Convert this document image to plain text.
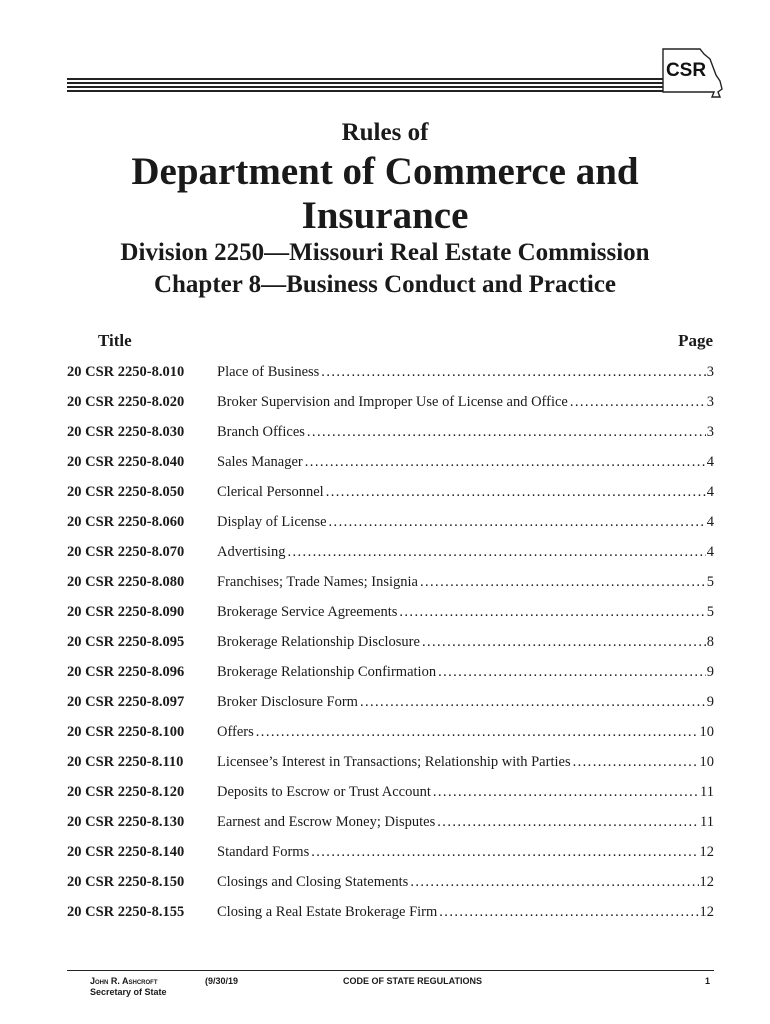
CSR
Rules of
Department of Commerce and
Insurance
Division 2250—Missouri Real Estate Commission
Chapter 8—Business Conduct and Practice
Title	Page
20 CSR 2250-8.010	Place of Business .....	3
20 CSR 2250-8.020	Broker Supervision and Improper Use of License and Office .....	3
20 CSR 2250-8.030	Branch Offices .....	3
20 CSR 2250-8.040	Sales Manager .....	4
20 CSR 2250-8.050	Clerical Personnel .....	4
20 CSR 2250-8.060	Display of License .....	4
20 CSR 2250-8.070	Advertising .....	4
20 CSR 2250-8.080	Franchises; Trade Names; Insignia .....	5
20 CSR 2250-8.090	Brokerage Service Agreements .....	5
20 CSR 2250-8.095	Brokerage Relationship Disclosure .....	8
20 CSR 2250-8.096	Brokerage Relationship Confirmation .....	9
20 CSR 2250-8.097	Broker Disclosure Form .....	9
20 CSR 2250-8.100	Offers .....	10
20 CSR 2250-8.110	Licensee’s Interest in Transactions; Relationship with Parties .....	10
20 CSR 2250-8.120	Deposits to Escrow or Trust Account .....	11
20 CSR 2250-8.130	Earnest and Escrow Money; Disputes .....	11
20 CSR 2250-8.140	Standard Forms .....	12
20 CSR 2250-8.150	Closings and Closing Statements .....	12
20 CSR 2250-8.155	Closing a Real Estate Brokerage Firm .....	12
John R. Ashcroft
Secretary of State
(9/30/19	CODE OF STATE REGULATIONS	1
